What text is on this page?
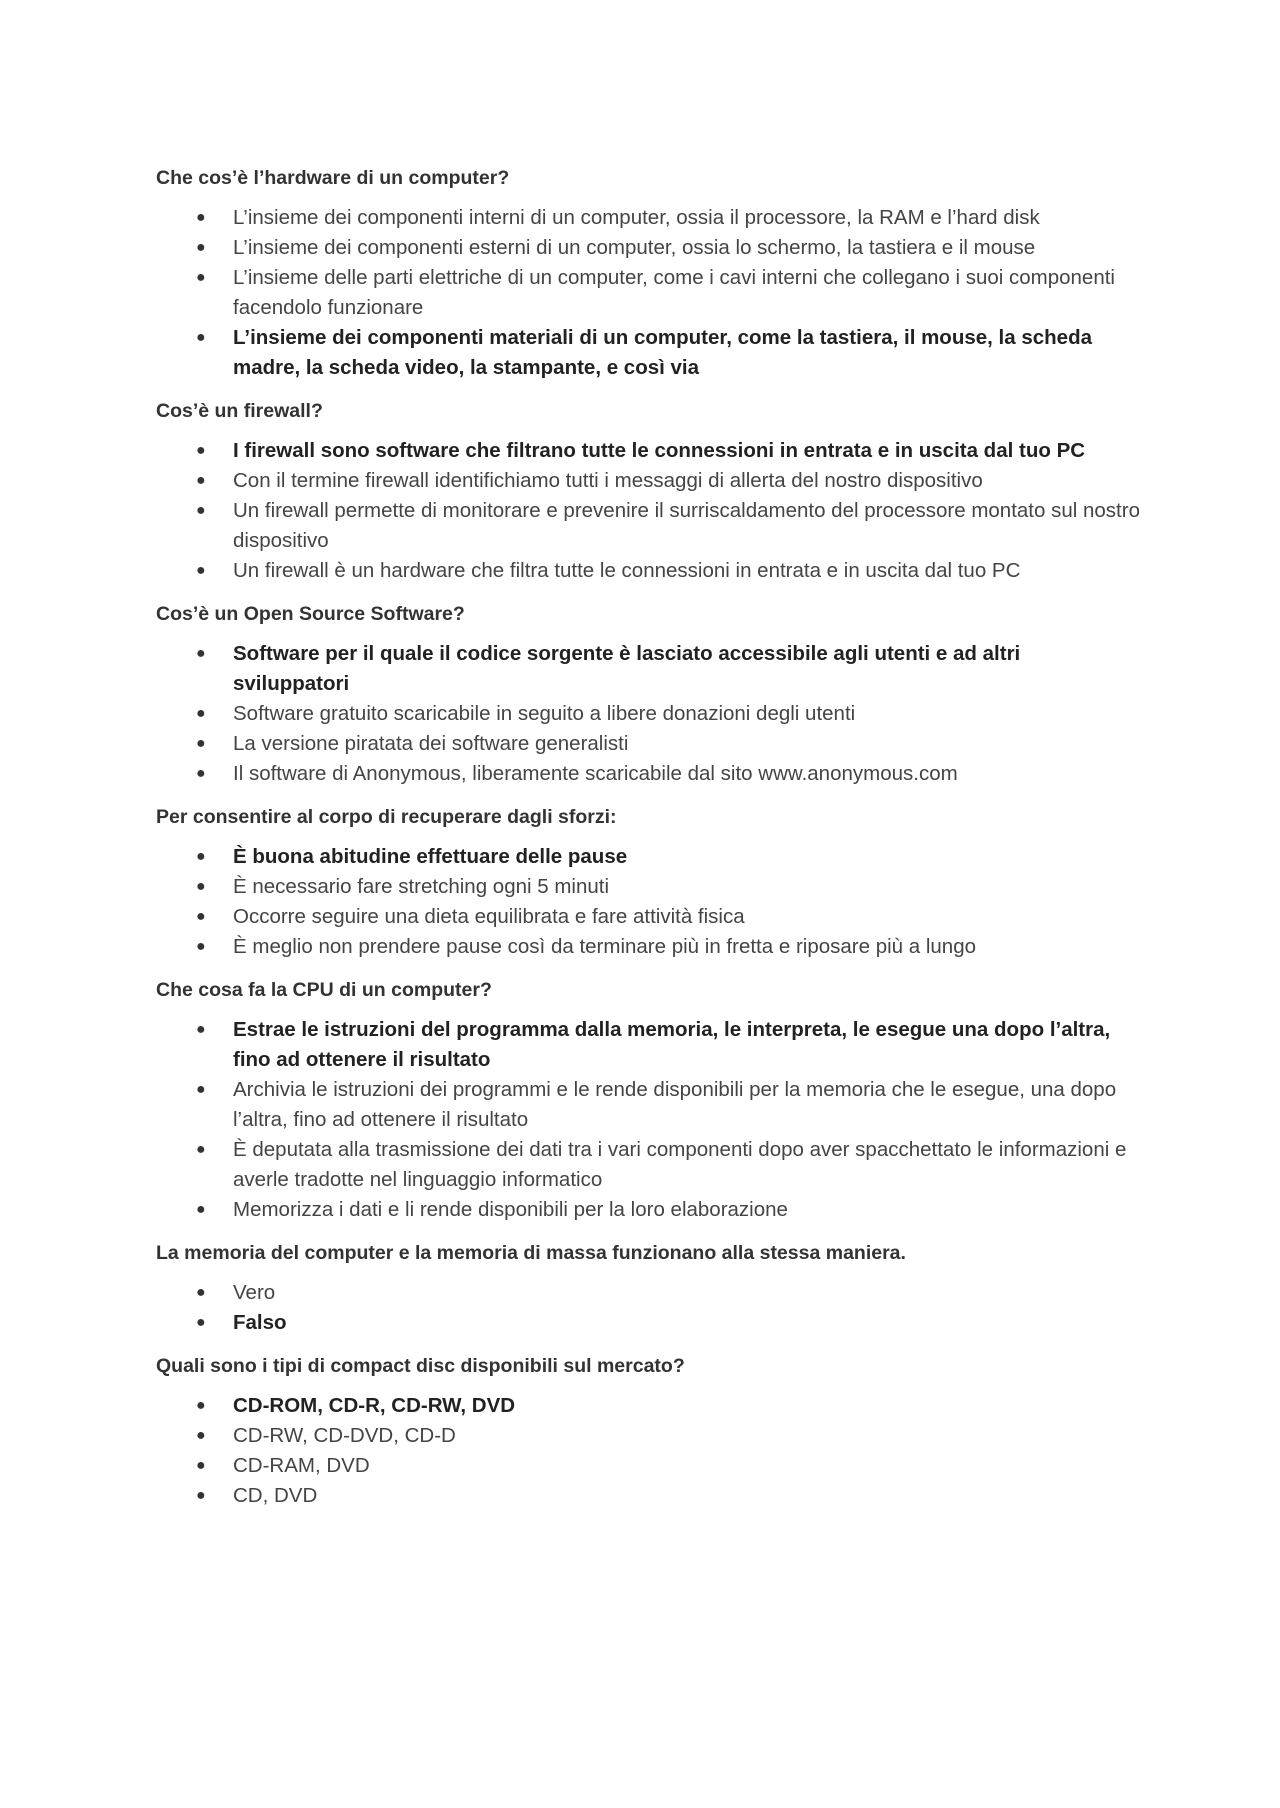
Che cos’è l’hardware di un computer?
● L’insieme dei componenti interni di un computer, ossia il processore, la RAM e l’hard disk
● L’insieme dei componenti esterni di un computer, ossia lo schermo, la tastiera e il mouse
● L’insieme delle parti elettriche di un computer, come i cavi interni che collegano i suoi componenti facendolo funzionare
● L’insieme dei componenti materiali di un computer, come la tastiera, il mouse, la scheda madre, la scheda video, la stampante, e così via
Cos’è un firewall?
● I firewall sono software che filtrano tutte le connessioni in entrata e in uscita dal tuo PC
● Con il termine firewall identifichiamo tutti i messaggi di allerta del nostro dispositivo
● Un firewall permette di monitorare e prevenire il surriscaldamento del processore montato sul nostro dispositivo
● Un firewall è un hardware che filtra tutte le connessioni in entrata e in uscita dal tuo PC
Cos’è un Open Source Software?
● Software per il quale il codice sorgente è lasciato accessibile agli utenti e ad altri sviluppatori
● Software gratuito scaricabile in seguito a libere donazioni degli utenti
● La versione piratata dei software generalisti
● Il software di Anonymous, liberamente scaricabile dal sito www.anonymous.com
Per consentire al corpo di recuperare dagli sforzi:
● È buona abitudine effettuare delle pause
● È necessario fare stretching ogni 5 minuti
● Occorre seguire una dieta equilibrata e fare attività fisica
● È meglio non prendere pause così da terminare più in fretta e riposare più a lungo
Che cosa fa la CPU di un computer?
● Estrae le istruzioni del programma dalla memoria, le interpreta, le esegue una dopo l’altra, fino ad ottenere il risultato
● Archivia le istruzioni dei programmi e le rende disponibili per la memoria che le esegue, una dopo l’altra, fino ad ottenere il risultato
● È deputata alla trasmissione dei dati tra i vari componenti dopo aver spacchettato le informazioni e averle tradotte nel linguaggio informatico
● Memorizza i dati e li rende disponibili per la loro elaborazione
La memoria del computer e la memoria di massa funzionano alla stessa maniera.
● Vero
● Falso
Quali sono i tipi di compact disc disponibili sul mercato?
● CD-ROM, CD-R, CD-RW, DVD
● CD-RW, CD-DVD, CD-D
● CD-RAM, DVD
● CD, DVD
